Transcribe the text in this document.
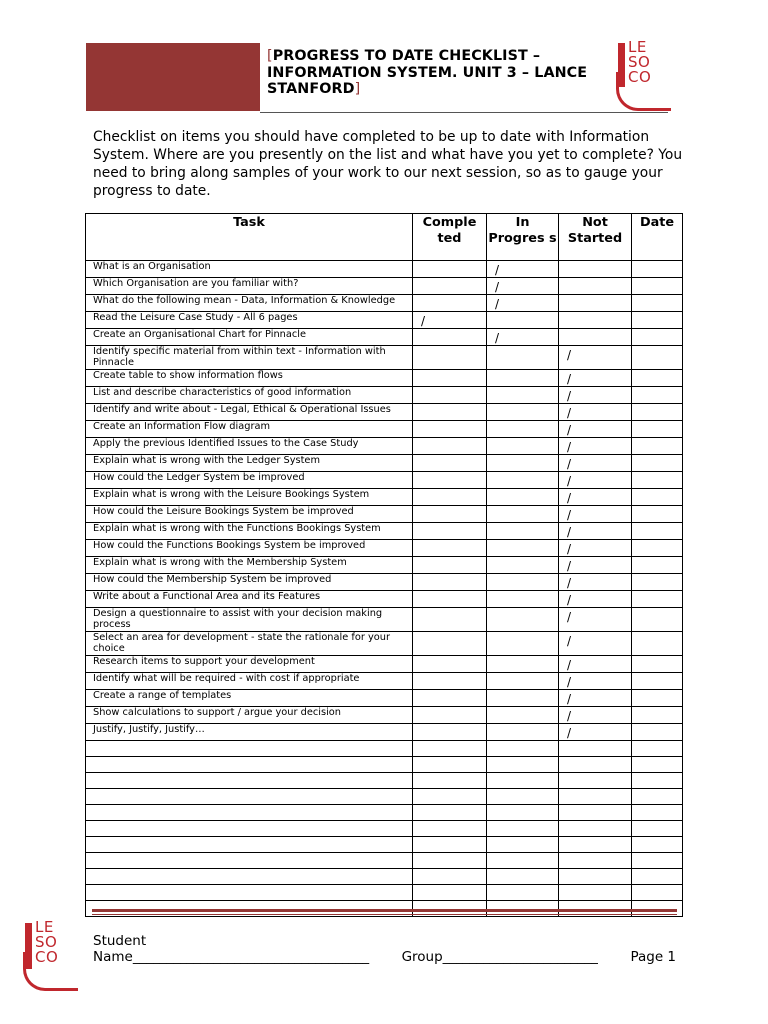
[PROGRESS TO DATE CHECKLIST – INFORMATION SYSTEM. UNIT 3 – LANCE STANFORD]
LE
SO
CO
Checklist on items you should have completed to be up to date with Information System. Where are you presently on the list and what have you yet to complete? You need to bring along samples of your work to our next session, so as to gauge your progress to date.
Task	Comple ted	In Progres s	Not Started	Date
What is an Organisation		/		
Which Organisation are you familiar with?		/		
What do the following mean - Data, Information & Knowledge		/		
Read the Leisure Case Study - All 6 pages	/			
Create an Organisational Chart for Pinnacle		/		
Identify specific material from within text - Information with Pinnacle			/	
Create table to show information flows			/	
List and describe characteristics of good information			/	
Identify and write about - Legal, Ethical & Operational Issues			/	
Create an Information Flow diagram			/	
Apply the previous Identified Issues to the Case Study			/	
Explain what is wrong with the Ledger System			/	
How could the Ledger System be improved			/	
Explain what is wrong with the Leisure Bookings System			/	
How could the Leisure Bookings System be improved			/	
Explain what is wrong with the Functions Bookings System			/	
How could the Functions Bookings System be improved			/	
Explain what is wrong with the Membership System			/	
How could the Membership System be improved			/	
Write about a Functional Area and its Features			/	
Design a questionnaire to assist with your decision making process			/	
Select an area for development - state the rationale for your choice			/	
Research items to support your development			/	
Identify what will be required - with cost if appropriate			/	
Create a range of templates			/	
Show calculations to support / argue your decision			/	
Justify, Justify, Justify…			/	

LE
SO
CO
Student
Name___________________________________ Group_______________________ Page 1
